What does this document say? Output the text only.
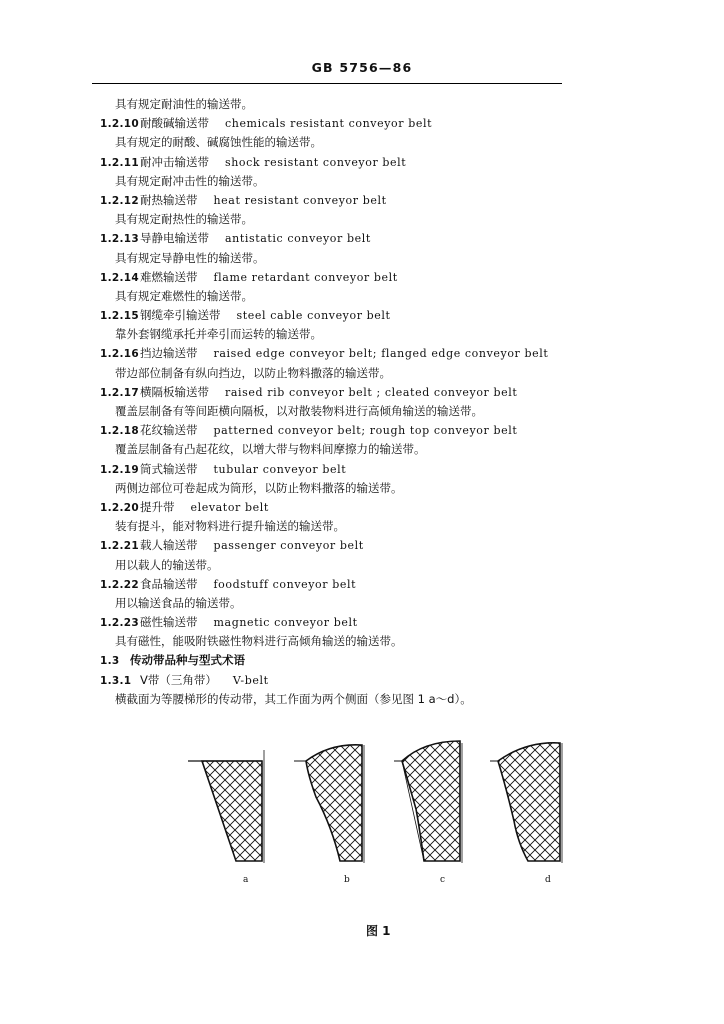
GB 5756—86
具有规定耐油性的输送带。
1.2.10耐酸碱输送带 chemicals resistant conveyor belt
具有规定的耐酸、碱腐蚀性能的输送带。
1.2.11耐冲击输送带 shock resistant conveyor belt
具有规定耐冲击性的输送带。
1.2.12耐热输送带 heat resistant conveyor belt
具有规定耐热性的输送带。
1.2.13导静电输送带 antistatic conveyor belt
具有规定导静电性的输送带。
1.2.14难燃输送带 flame retardant conveyor belt
具有规定难燃性的输送带。
1.2.15钢缆牵引输送带 steel cable conveyor belt
靠外套钢缆承托并牵引而运转的输送带。
1.2.16挡边输送带 raised edge conveyor belt; flanged edge conveyor belt
带边部位制备有纵向挡边，以防止物料撒落的输送带。
1.2.17横隔板输送带 raised rib conveyor belt ; cleated conveyor belt
覆盖层制备有等间距横向隔板，以对散装物料进行高倾角输送的输送带。
1.2.18花纹输送带 patterned conveyor belt; rough top conveyor belt
覆盖层制备有凸起花纹，以增大带与物料间摩擦力的输送带。
1.2.19筒式输送带 tubular conveyor belt
两侧边部位可卷起成为筒形，以防止物料撒落的输送带。
1.2.20提升带 elevator belt
装有提斗，能对物料进行提升输送的输送带。
1.2.21载人输送带 passenger conveyor belt
用以载人的输送带。
1.2.22食品输送带 foodstuff conveyor belt
用以输送食品的输送带。
1.2.23磁性输送带 magnetic conveyor belt
具有磁性，能吸附铁磁性物料进行高倾角输送的输送带。
1.3 传动带品种与型式术语
1.3.1 V带（三角带） V-belt
横截面为等腰梯形的传动带，其工作面为两个侧面（参见图 1 a～d）。
a	b	c	d
图 1
